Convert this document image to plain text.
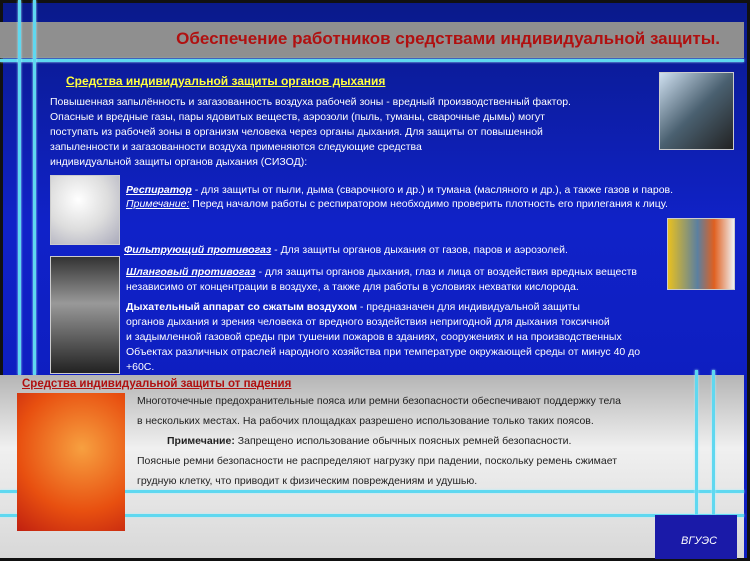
Обеспечение работников средствами индивидуальной защиты.
Средства индивидуальной защиты органов дыхания
Повышенная запылённость и загазованность воздуха рабочей зоны - вредный производственный фактор.
Опасные и вредные газы, пары ядовитых веществ, аэрозоли (пыль, туманы, сварочные дымы) могут
поступать из рабочей зоны в организм человека через органы дыхания. Для защиты от повышенной
запыленности и загазованности воздуха применяются следующие средства
индивидуальной защиты органов дыхания (СИЗОД):
Респиратор - для защиты от пыли, дыма (сварочного и др.) и тумана (масляного и др.), а также газов и паров.
Примечание: Перед началом работы с респиратором необходимо проверить плотность его прилегания к лицу.
Фильтрующий противогаз - Для защиты органов дыхания от газов, паров и аэрозолей.
Шланговый противогаз - для защиты органов дыхания, глаз и лица от воздействия вредных веществ
независимо от концентрации в воздухе, а также для работы в условиях нехватки кислорода.
Дыхательный аппарат со сжатым воздухом - предназначен для индивидуальной защиты
органов дыхания и зрения человека от вредного воздействия непригодной для дыхания токсичной
и задымленной газовой среды при тушении пожаров в зданиях, сооружениях и на производственных
Объектах различных отраслей народного хозяйства при температуре окружающей среды от минус 40 до
+60С.
Средства индивидуальной защиты от падения
Многоточечные предохранительные пояса или ремни безопасности обеспечивают поддержку тела
в нескольких местах. На рабочих площадках разрешено использование только таких поясов.
Примечание: Запрещено использование обычных поясных ремней безопасности.
Поясные ремни безопасности не распределяют нагрузку при падении, поскольку ремень сжимает
грудную клетку, что приводит к физическим повреждениям и удушью.
ВГУЭС
